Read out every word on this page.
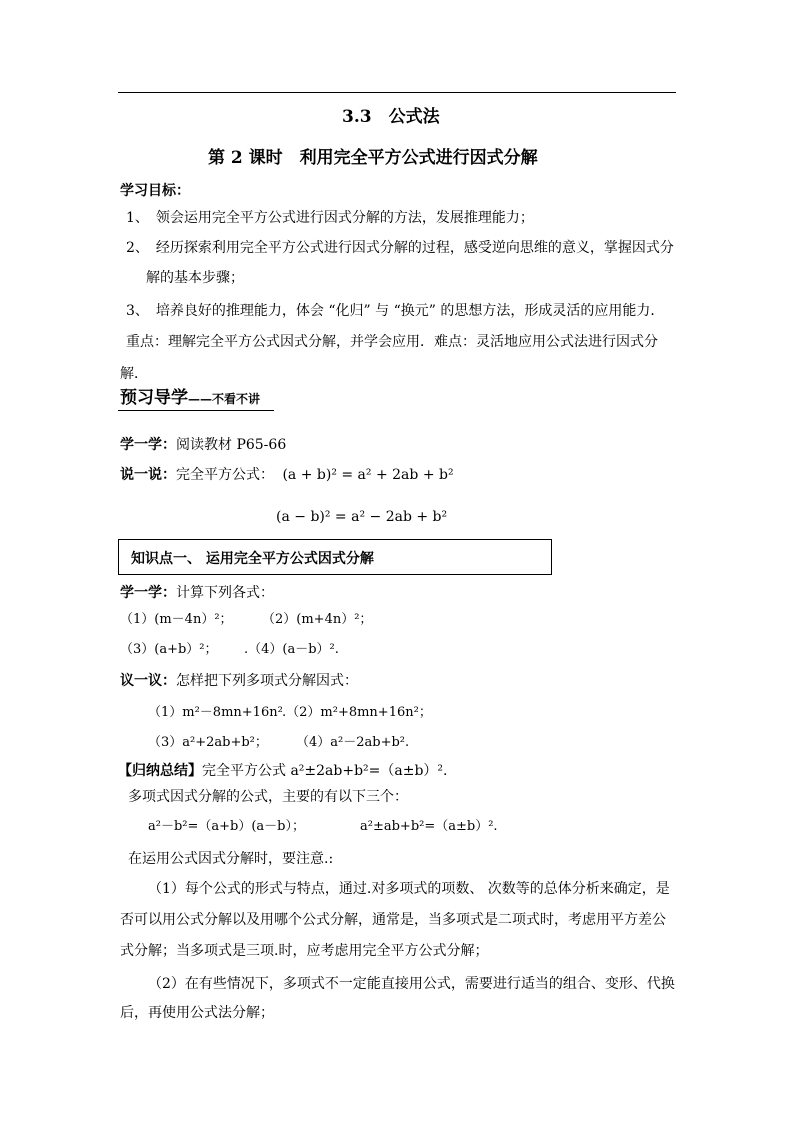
3.3　公式法
第 2 课时　利用完全平方公式进行因式分解
学习目标：
1、　领会运用完全平方公式进行因式分解的方法，发展推理能力；
2、　经历探索利用完全平方公式进行因式分解的过程，感受逆向思维的意义，掌握因式分
解的基本步骤；
3、　培养良好的推理能力，体会 “化归” 与 “换元” 的思想方法，形成灵活的应用能力．
重点：理解完全平方公式因式分解，并学会应用．难点：灵活地应用公式法进行因式分
解．
预习导学——不看不讲
学一学：阅读教材 P65-66
说一说：完全平方公式： (a + b)² = a² + 2ab + b²
(a − b)² = a² − 2ab + b²
知识点一、 运用完全平方公式因式分解
学一学：计算下列各式：
（1）(m－4n）²； （2）(m+4n）²；
（3）(a+b）²； .（4）(a－b）².
议一议：怎样把下列多项式分解因式：
（1）m²－8mn+16n² .（2）m²+8mn+16n²；
（3）a²+2ab+b²； （4）a²－2ab+b².
【归纳总结】完全平方公式 a²±2ab+b²=（a±b）².
多项式因式分解的公式，主要的有以下三个：
a²－b²=（a+b）(a－b）；	a²±ab+b²=（a±b）².
在运用公式因式分解时，要注意.:
（1）每个公式的形式与特点，通过.对多项式的项数、 次数等的总体分析来确定，是
否可以用公式分解以及用哪个公式分解，通常是，当多项式是二项式时，考虑用平方差公
式分解；当多项式是三项.时，应考虑用完全平方公式分解；
（2）在有些情况下，多项式不一定能直接用公式，需要进行适当的组合、变形、代换
后，再使用公式法分解；
